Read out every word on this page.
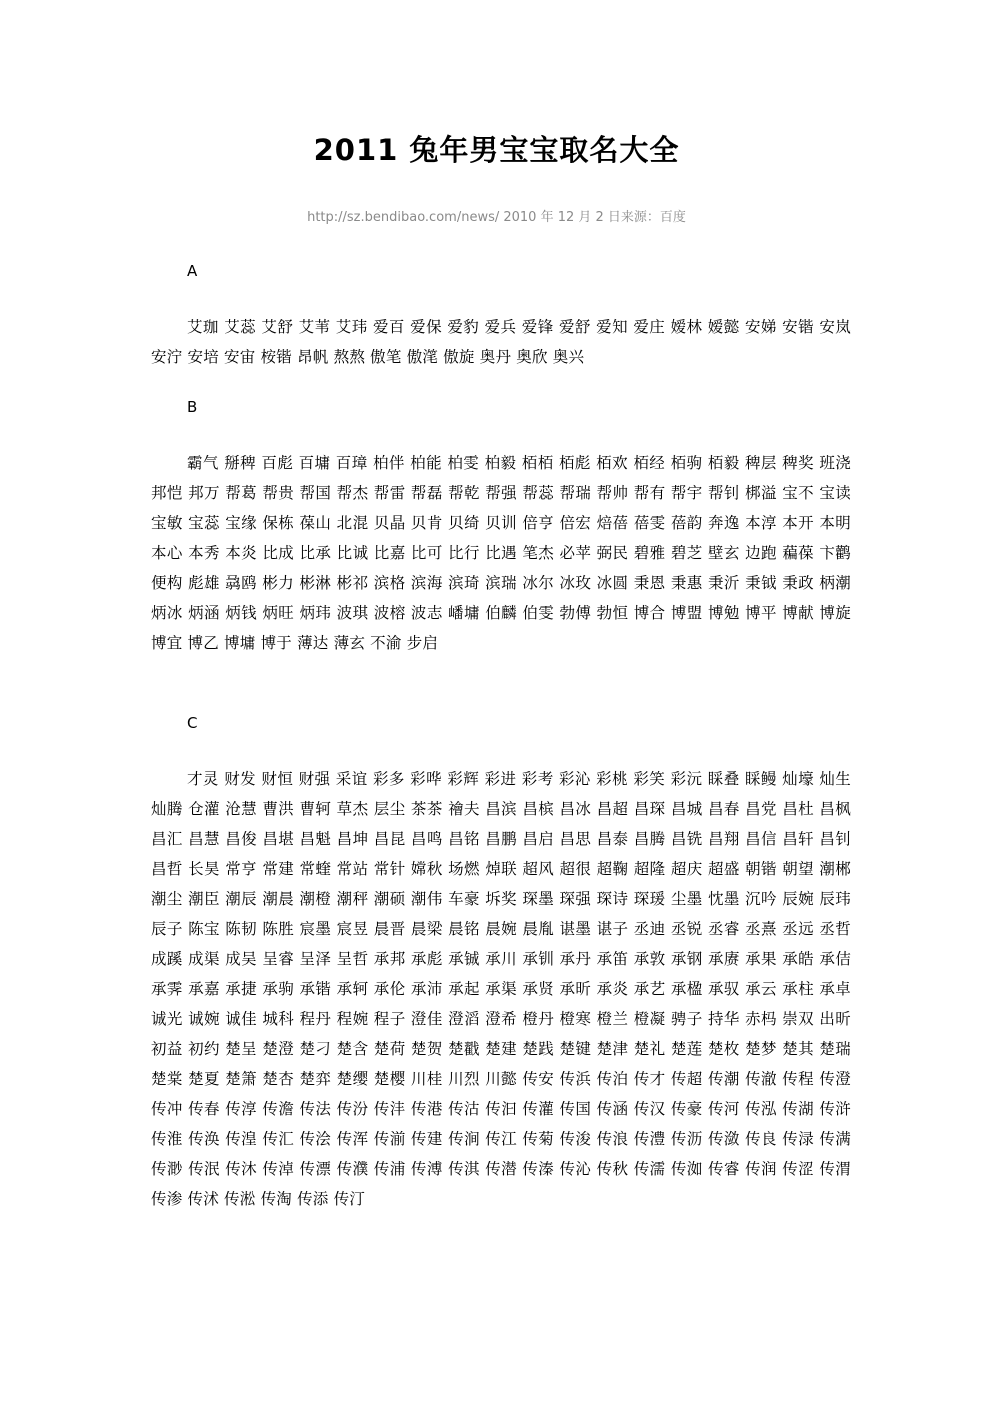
2011 兔年男宝宝取名大全
http://sz.bendibao.com/news/ 2010 年 12 月 2 日来源：百度
A
艾珈 艾蕊 艾舒 艾苇 艾玮 爱百 爱保 爱豹 爱兵 爱锋 爱舒 爱知 爱庄 嫒林 嫒懿 安娣 安锴 安岚 安泞 安培 安宙 桉锴 昂帆 熬熬 傲笔 傲滗 傲旋 奥丹 奥欣 奥兴
B
霸气 掰稗 百彪 百墉 百璋 柏伴 柏能 柏雯 柏毅 栢栢 栢彪 栢欢 栢经 栢驹 栢毅 稗层 稗奖 班浇 邦恺 邦万 帮葛 帮贵 帮国 帮杰 帮雷 帮磊 帮乾 帮强 帮蕊 帮瑞 帮帅 帮有 帮宇 帮钊 梆溢 宝不 宝读 宝敏 宝蕊 宝缘 保栋 葆山 北混 贝晶 贝肯 贝绮 贝训 倍亨 倍宏 焙蓓 蓓雯 蓓韵 奔逸 本淳 本开 本明 本心 本秀 本炎 比成 比承 比诚 比嘉 比可 比行 比遇 笔杰 必苹 弼民 碧雅 碧芝 壁玄 边跑 藊葆 卞鹳 便构 彪雄 骉鸥 彬力 彬淋 彬祁 滨格 滨海 滨琦 滨瑞 冰尔 冰玫 冰圆 秉恩 秉惠 秉沂 秉钺 秉政 柄潮 炳冰 炳涵 炳钱 炳旺 炳玮 波琪 波榕 波志 嶓墉 伯麟 伯雯 勃傅 勃恒 博合 博盟 博勉 博平 博献 博旋 博宜 博乙 博墉 博于 薄达 薄玄 不渝 步启
C
才灵 财发 财恒 财强 采谊 彩多 彩哗 彩辉 彩进 彩考 彩沁 彩桃 彩笑 彩沅 睬叠 睬鳗 灿壕 灿生 灿腾 仓灌 沧慧 曹洪 曹轲 草杰 层尘 茶茶 禬夫 昌滨 昌槟 昌冰 昌超 昌琛 昌城 昌春 昌党 昌杜 昌枫 昌汇 昌慧 昌俊 昌堪 昌魁 昌坤 昌昆 昌鸣 昌铭 昌鹏 昌启 昌思 昌泰 昌腾 昌铣 昌翔 昌信 昌轩 昌钊 昌哲 长昊 常亨 常建 常蝰 常站 常针 嫦秋 场燃 焯联 超风 超很 超鞠 超隆 超庆 超盛 朝锴 朝望 潮郴 潮尘 潮臣 潮辰 潮晨 潮橙 潮秤 潮硕 潮伟 车豪 坼奖 琛墨 琛强 琛诗 琛瑗 尘墨 忱墨 沉吟 辰婉 辰玮 辰子 陈宝 陈韧 陈胜 宸墨 宸昱 晨晋 晨梁 晨铭 晨婉 晨胤 谌墨 谌子 丞迪 丞锐 丞睿 丞熹 丞远 丞哲 成蹊 成渠 成吴 呈睿 呈泽 呈哲 承邦 承彪 承铖 承川 承钏 承丹 承笛 承敦 承钢 承赓 承果 承皓 承佶 承霁 承嘉 承捷 承驹 承锴 承轲 承伦 承沛 承起 承渠 承贤 承昕 承炎 承艺 承楹 承驭 承云 承柱 承卓 诚光 诚婉 诚佳 城科 程丹 程婉 程子 澄佳 澄滔 澄希 橙丹 橙寒 橙兰 橙凝 骋子 持华 赤杩 崇双 出昕 初益 初约 楚呈 楚澄 楚刁 楚含 楚荷 楚贺 楚戳 楚建 楚践 楚键 楚津 楚礼 楚莲 楚枚 楚梦 楚其 楚瑞 楚棠 楚夏 楚箫 楚杏 楚弈 楚缨 楚樱 川桂 川烈 川懿 传安 传浜 传泊 传才 传超 传潮 传澈 传程 传澄 传冲 传春 传淳 传澹 传法 传汾 传沣 传港 传沽 传汩 传灌 传国 传涵 传汉 传豪 传河 传泓 传湖 传浒 传淮 传涣 传湟 传汇 传浍 传浑 传湔 传建 传涧 传江 传菊 传浚 传浪 传澧 传沥 传潋 传良 传渌 传满 传渺 传泯 传沐 传淖 传漂 传濮 传浦 传溥 传淇 传潜 传溱 传沁 传秋 传濡 传洳 传睿 传润 传涩 传渭 传渗 传沭 传淞 传淘 传添 传汀
